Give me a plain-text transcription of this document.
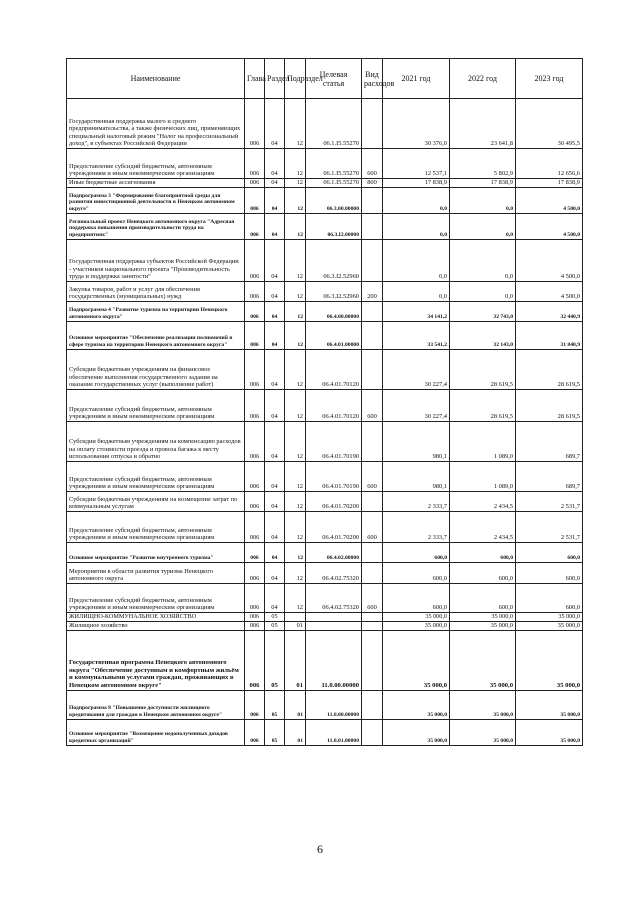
Наименование	Глава	Раздел	Подраздел	Целевая статья	Вид расходов	2021 год	2022 год	2023 год
Государственная поддержка малого и среднего предпринимательства, а также физических лиц, применяющих специальный налоговый режим "Налог на профессиональный доход", в субъектах Российской Федерации	006	04	12	06.1.I5.55270		30 376,0	23 641,8	30 495,5
Предоставление субсидий бюджетным, автономным учреждениям и иным некоммерческим организациям	006	04	12	06.1.I5.55270	600	12 537,1	5 802,9	12 656,6
Иные бюджетные ассигнования	006	04	12	06.1.I5.55270	800	17 838,9	17 838,9	17 838,9
Подпрограмма 3 "Формирование благоприятной среды для развития инвестиционной деятельности в Ненецком автономном округе"	006	04	12	06.3.00.00000		0,0	0,0	4 500,0
Региональный проект Ненецкого автономного округа "Адресная поддержка повышения производительности труда на предприятиях"	006	04	12	06.3.I2.00000		0,0	0,0	4 500,0
Государственная поддержка субъектов Российской Федерации - участников национального проекта "Производительность труда и поддержка занятости"	006	04	12	06.3.I2.52960		0,0	0,0	4 500,0
Закупка товаров, работ и услуг для обеспечения государственных (муниципальных) нужд	006	04	12	06.3.I2.52960	200	0,0	0,0	4 500,0
Подпрограмма 4 "Развитие туризма на территории Ненецкого автономного округа"	006	04	12	06.4.00.00000		34 141,2	32 743,0	32 440,9
Основное мероприятие "Обеспечение реализации полномочий в сфере туризма на территории Ненецкого автономного округа"	006	04	12	06.4.01.00000		33 541,2	32 143,0	31 840,9
Субсидии бюджетным учреждениям на финансовое обеспечение выполнения государственного задания на оказание государственных услуг (выполнение работ)	006	04	12	06.4.01.70120		30 227,4	28 619,5	28 619,5
Предоставление субсидий бюджетным, автономным учреждениям и иным некоммерческим организациям	006	04	12	06.4.01.70120	600	30 227,4	28 619,5	28 619,5
Субсидии бюджетным учреждениям на компенсацию расходов на оплату стоимости проезда и провоза багажа к месту использования отпуска и обратно	006	04	12	06.4.01.70190		980,1	1 089,0	689,7
Предоставление субсидий бюджетным, автономным учреждениям и иным некоммерческим организациям	006	04	12	06.4.01.70190	600	980,1	1 089,0	689,7
Субсидии бюджетным учреждениям на возмещение затрат по коммунальным услугам	006	04	12	06.4.01.70200		2 333,7	2 434,5	2 531,7
Предоставление субсидий бюджетным, автономным учреждениям и иным некоммерческим организациям	006	04	12	06.4.01.70200	600	2 333,7	2 434,5	2 531,7
Основное мероприятие "Развитие внутреннего туризма"	006	04	12	06.4.02.00000		600,0	600,0	600,0
Мероприятия в области развития туризма Ненецкого автономного округа	006	04	12	06.4.02.75320		600,0	600,0	600,0
Предоставление субсидий бюджетным, автономным учреждениям и иным некоммерческим организациям	006	04	12	06.4.02.75320	600	600,0	600,0	600,0
ЖИЛИЩНО-КОММУНАЛЬНОЕ ХОЗЯЙСТВО	006	05				35 000,0	35 000,0	35 000,0
Жилищное хозяйство	006	05	01			35 000,0	35 000,0	35 000,0
Государственная программа Ненецкого автономного округа "Обеспечение доступным и комфортным жильём и коммунальными услугами граждан, проживающих в Ненецком автономном округе"	006	05	01	11.0.00.00000		35 000,0	35 000,0	35 000,0
Подпрограмма 8 "Повышение доступности жилищного кредитования для граждан в Ненецком автономном округе"	006	05	01	11.8.00.00000		35 000,0	35 000,0	35 000,0
Основное мероприятие "Возмещение недополученных доходов кредитных организаций"	006	05	01	11.8.01.00000		35 000,0	35 000,0	35 000,0
6
